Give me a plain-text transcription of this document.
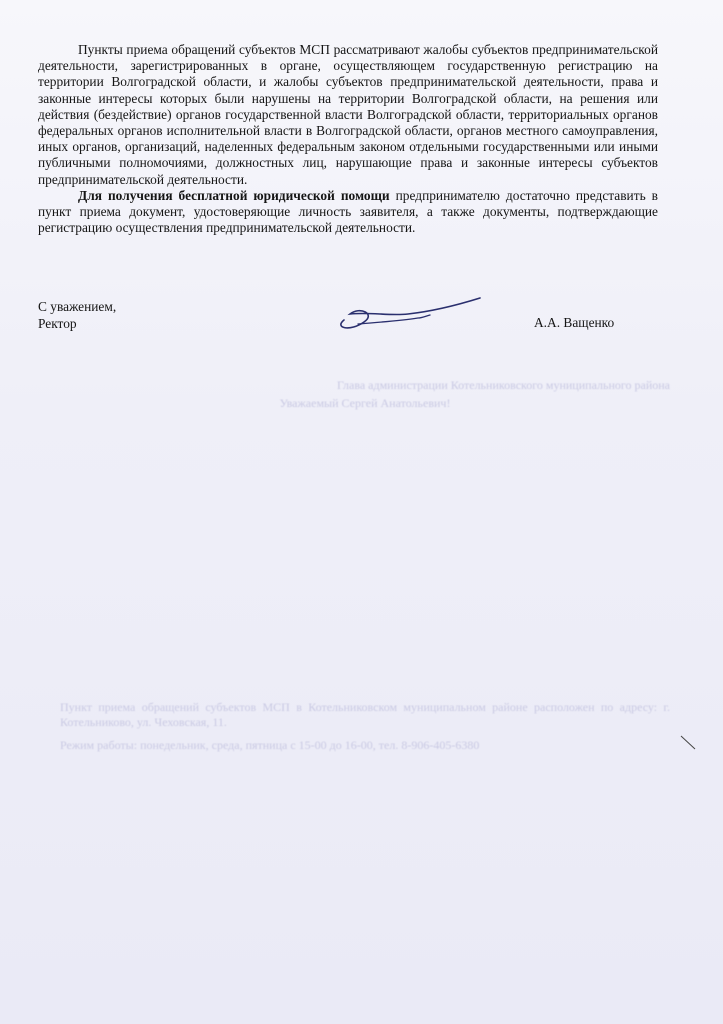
Глава администрации Котельниковского муниципального района
Уважаемый Сергей Анатольевич!
Пункт приема обращений субъектов МСП в Котельниковском муниципальном районе расположен по адресу: г. Котельниково, ул. Чеховская, 11.
Режим работы: понедельник, среда, пятница с 15-00 до 16-00, тел. 8-906-405-6380

Пункты приема обращений субъектов МСП рассматривают жалобы субъектов предпринимательской деятельности, зарегистрированных в органе, осуществляющем государственную регистрацию на территории Волгоградской области, и жалобы субъектов предпринимательской деятельности, права и законные интересы которых были нарушены на территории Волгоградской области, на решения или действия (бездействие) органов государственной власти Волгоградской области, территориальных органов федеральных органов исполнительной власти в Волгоградской области, органов местного самоуправления, иных органов, организаций, наделенных федеральным законом отдельными государственными или иными публичными полномочиями, должностных лиц, нарушающие права и законные интересы субъектов предпринимательской деятельности.

Для получения бесплатной юридической помощи предпринимателю достаточно представить в пункт приема документ, удостоверяющие личность заявителя, а также документы, подтверждающие регистрацию осуществления предпринимательской деятельности.

С уважением,
Ректор	А.А. Ващенко
